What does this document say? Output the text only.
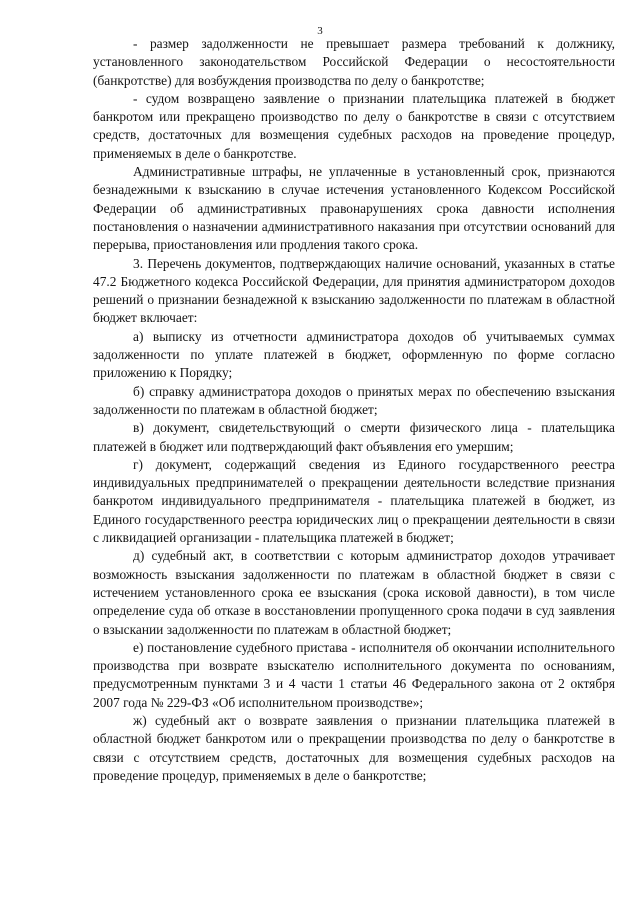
3

- размер задолженности не превышает размера требований к должнику, установленного законодательством Российской Федерации о несостоятельности (банкротстве) для возбуждения производства по делу о банкротстве;

- судом возвращено заявление о признании плательщика платежей в бюджет банкротом или прекращено производство по делу о банкротстве в связи с отсутствием средств, достаточных для возмещения судебных расходов на проведение процедур, применяемых в деле о банкротстве.

Административные штрафы, не уплаченные в установленный срок, признаются безнадежными к взысканию в случае истечения установленного Кодексом Российской Федерации об административных правонарушениях срока давности исполнения постановления о назначении административного наказания при отсутствии оснований для перерыва, приостановления или продления такого срока.

3. Перечень документов, подтверждающих наличие оснований, указанных в статье 47.2 Бюджетного кодекса Российской Федерации, для принятия администратором доходов решений о признании безнадежной к взысканию задолженности по платежам в областной бюджет включает:

а) выписку из отчетности администратора доходов об учитываемых суммах задолженности по уплате платежей в бюджет, оформленную по форме согласно приложению к Порядку;

б) справку администратора доходов о принятых мерах по обеспечению взыскания задолженности по платежам в областной бюджет;

в) документ, свидетельствующий о смерти физического лица - плательщика платежей в бюджет или подтверждающий факт объявления его умершим;

г) документ, содержащий сведения из Единого государственного реестра индивидуальных предпринимателей о прекращении деятельности вследствие признания банкротом индивидуального предпринимателя - плательщика платежей в бюджет, из Единого государственного реестра юридических лиц о прекращении деятельности в связи с ликвидацией организации - плательщика платежей в бюджет;

д) судебный акт, в соответствии с которым администратор доходов утрачивает возможность взыскания задолженности по платежам в областной бюджет в связи с истечением установленного срока ее взыскания (срока исковой давности), в том числе определение суда об отказе в восстановлении пропущенного срока подачи в суд заявления о взыскании задолженности по платежам в областной бюджет;

е) постановление судебного пристава - исполнителя об окончании исполнительного производства при возврате взыскателю исполнительного документа по основаниям, предусмотренным пунктами 3 и 4 части 1 статьи 46 Федерального закона от 2 октября 2007 года № 229-ФЗ «Об исполнительном производстве»;

ж) судебный акт о возврате заявления о признании плательщика платежей в областной бюджет банкротом или о прекращении производства по делу о банкротстве в связи с отсутствием средств, достаточных для возмещения судебных расходов на проведение процедур, применяемых в деле о банкротстве;
